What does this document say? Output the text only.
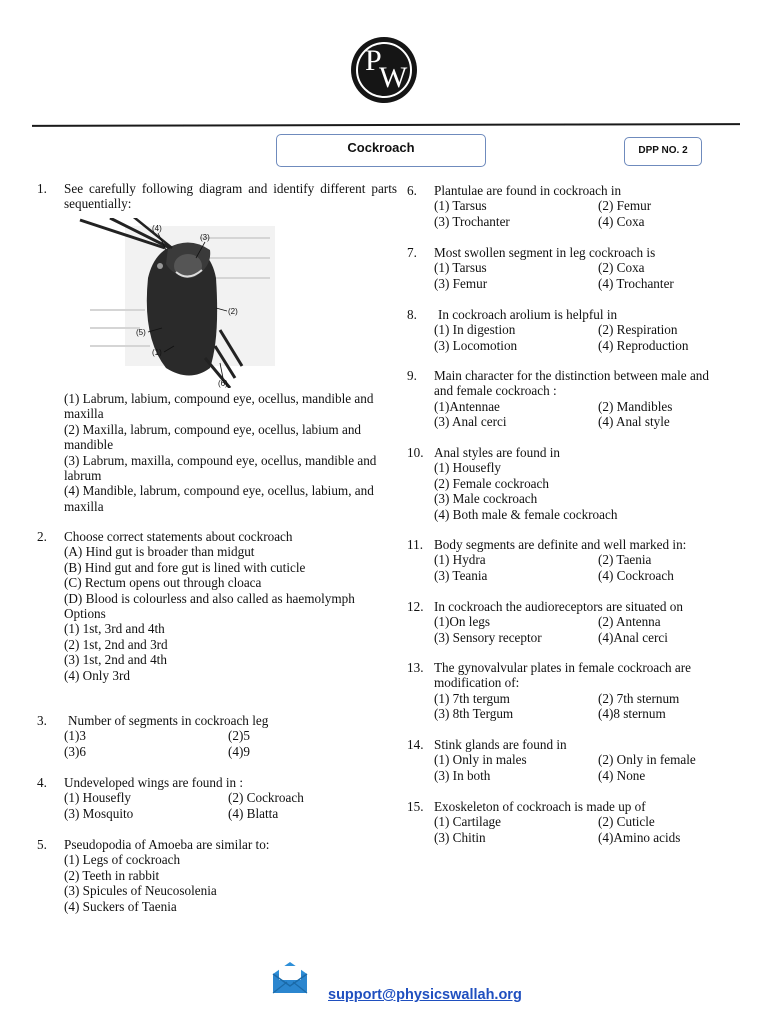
P
W
Cockroach	DPP NO. 2
1. See carefully following diagram and identify different parts sequentially:
(4)
(3)
(2)
(5)
(1)
(6)
(1) Labrum, labium, compound eye, ocellus, mandible and maxilla
(2) Maxilla, labrum, compound eye, ocellus, labium and mandible
(3) Labrum, maxilla, compound eye, ocellus, mandible and labrum
(4) Mandible, labrum, compound eye, ocellus, labium, and maxilla
2. Choose correct statements about cockroach
(A) Hind gut is broader than midgut
(B) Hind gut and fore gut is lined with cuticle
(C) Rectum opens out through cloaca
(D) Blood is colourless and also called as haemolymph
Options
(1) 1st, 3rd and 4th
(2) 1st, 2nd and 3rd
(3) 1st, 2nd and 4th
(4) Only 3rd
3.	Number of segments in cockroach leg
(1)3	(2)5
(3)6	(4)9
4. Undeveloped wings are found in :
(1) Housefly	(2) Cockroach
(3) Mosquito	(4) Blatta
5. Pseudopodia of Amoeba are similar to:
(1) Legs of cockroach
(2) Teeth in rabbit
(3) Spicules of Neucosolenia
(4) Suckers of Taenia
6. Plantulae are found in cockroach in
(1) Tarsus	(2) Femur
(3) Trochanter	(4) Coxa
7. Most swollen segment in leg cockroach is
(1) Tarsus	(2) Coxa
(3) Femur	(4) Trochanter
8.	In cockroach arolium is helpful in
(1) In digestion	(2) Respiration
(3) Locomotion	(4) Reproduction
9. Main character for the distinction between male and and female cockroach :
(1)Antennae	(2) Mandibles
(3) Anal cerci	(4) Anal style
10. Anal styles are found in
(1) Housefly
(2) Female cockroach
(3) Male cockroach
(4) Both male & female cockroach
11. Body segments are definite and well marked in:
(1) Hydra	(2) Taenia
(3) Teania	(4) Cockroach
12. In cockroach the audioreceptors are situated on
(1)On legs	(2) Antenna
(3) Sensory receptor	(4)Anal cerci
13. The gynovalvular plates in female cockroach are modification of:
(1) 7th tergum	(2) 7th sternum
(3) 8th Tergum	(4)8 sternum
14. Stink glands are found in
(1) Only in males	(2) Only in female
(3) In both	(4) None
15. Exoskeleton of cockroach is made up of
(1) Cartilage	(2) Cuticle
(3) Chitin	(4)Amino acids
support@physicswallah.org
